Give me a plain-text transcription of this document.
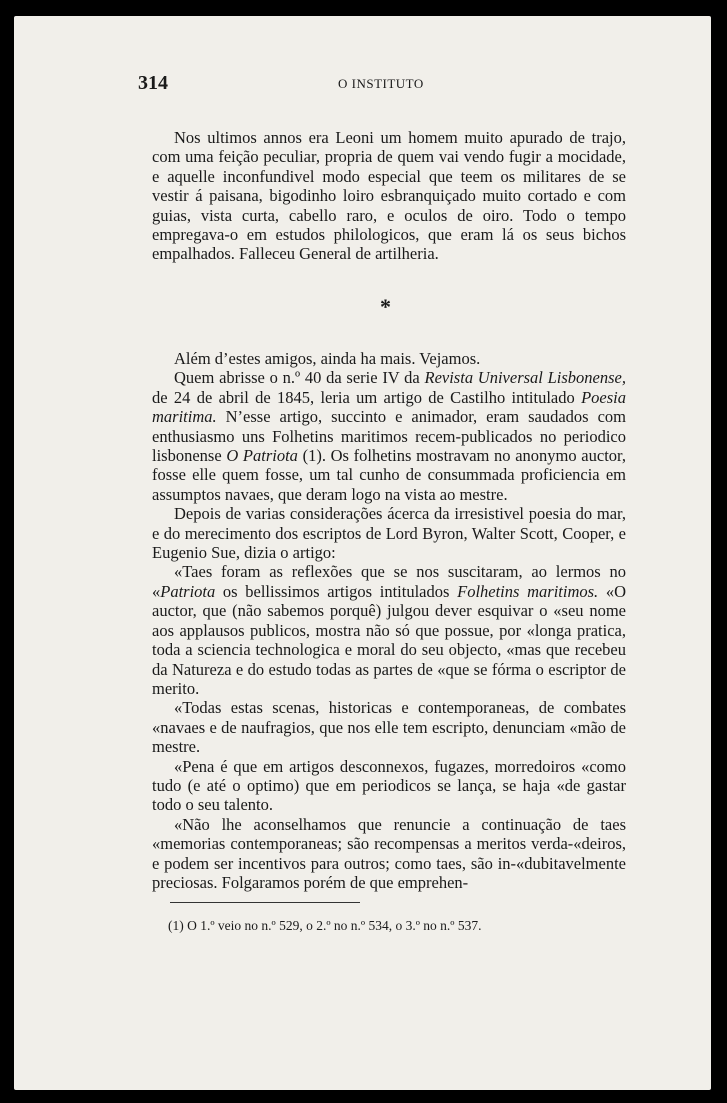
314	O INSTITUTO

Nos ultimos annos era Leoni um homem muito apurado de trajo, com uma feição peculiar, propria de quem vai vendo fugir a mocidade, e aquelle inconfundivel modo especial que teem os militares de se vestir á paisana, bigodinho loiro esbranquiçado muito cortado e com guias, vista curta, cabello raro, e oculos de oiro. Todo o tempo empregava-o em estudos philologicos, que eram lá os seus bichos empalhados. Falleceu General de artilheria.

*

Além d’estes amigos, ainda ha mais. Vejamos.

Quem abrisse o n.º 40 da serie IV da Revista Universal Lisbonense, de 24 de abril de 1845, leria um artigo de Castilho intitulado Poesia maritima. N’esse artigo, succinto e animador, eram saudados com enthusiasmo uns Folhetins maritimos recem-publicados no periodico lisbonense O Patriota (1). Os folhetins mostravam no anonymo auctor, fosse elle quem fosse, um tal cunho de consummada proficiencia em assumptos navaes, que deram logo na vista ao mestre.

Depois de varias considerações ácerca da irresistivel poesia do mar, e do merecimento dos escriptos de Lord Byron, Walter Scott, Cooper, e Eugenio Sue, dizia o artigo:

«Taes foram as reflexões que se nos suscitaram, ao lermos no «Patriota os bellissimos artigos intitulados Folhetins maritimos. «O auctor, que (não sabemos porquê) julgou dever esquivar o «seu nome aos applausos publicos, mostra não só que possue, por «longa pratica, toda a sciencia technologica e moral do seu objecto, «mas que recebeu da Natureza e do estudo todas as partes de «que se fórma o escriptor de merito.

«Todas estas scenas, historicas e contemporaneas, de combates «navaes e de naufragios, que nos elle tem escripto, denunciam «mão de mestre.

«Pena é que em artigos desconnexos, fugazes, morredoiros «como tudo (e até o optimo) que em periodicos se lança, se haja «de gastar todo o seu talento.

«Não lhe aconselhamos que renuncie a continuação de taes «memorias contemporaneas; são recompensas a meritos verda-«deiros, e podem ser incentivos para outros; como taes, são in-«dubitavelmente preciosas. Folgaramos porém de que emprehen-

(1) O 1.º veio no n.º 529, o 2.º no n.º 534, o 3.º no n.º 537.
